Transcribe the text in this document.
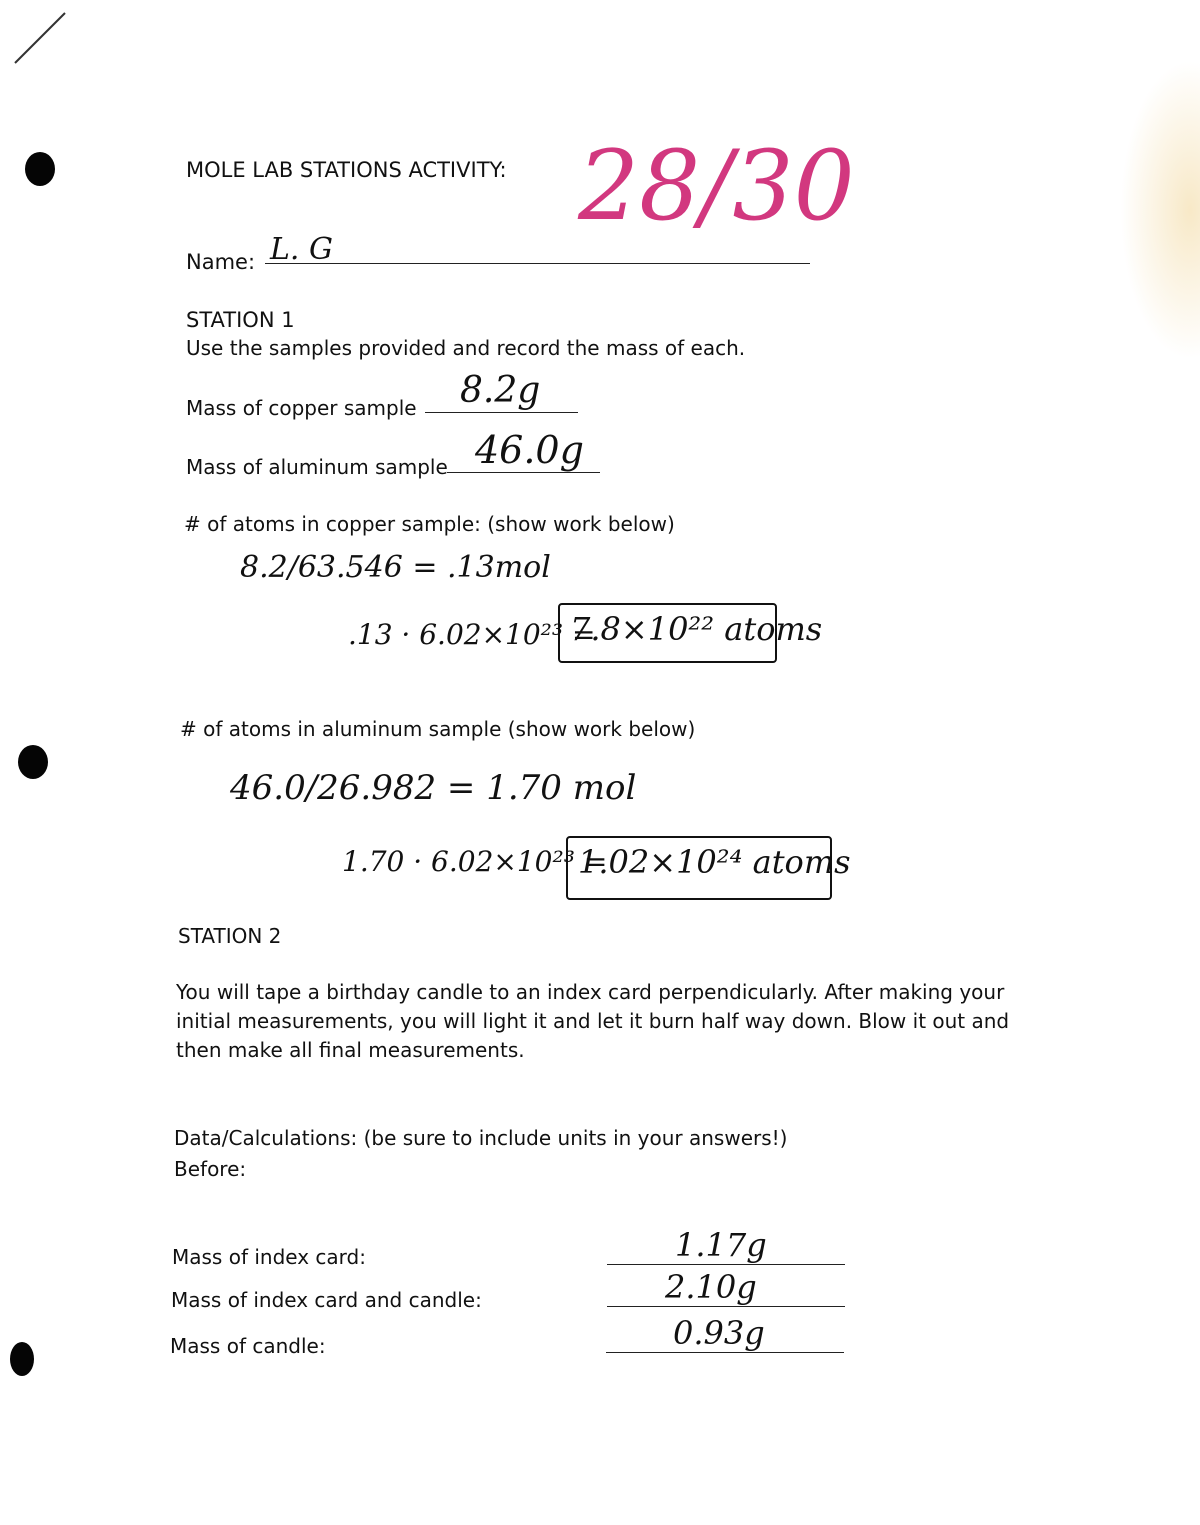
MOLE LAB STATIONS ACTIVITY: 28/30
Name: L. G
STATION 1
Use the samples provided and record the mass of each.
Mass of copper sample 8.2g
Mass of aluminum sample 46.0g
# of atoms in copper sample: (show work below)
8.2/63.546 = .13mol
.13 · 6.02×10²³ =
7.8×10²² atoms
# of atoms in aluminum sample (show work below)
46.0/26.982 = 1.70 mol
1.70 · 6.02×10²³ =
1.02×10²⁴ atoms
STATION 2
You will tape a birthday candle to an index card perpendicularly. After making your initial measurements, you will light it and let it burn half way down. Blow it out and then make all final measurements.
Data/Calculations: (be sure to include units in your answers!)
Before:
Mass of index card:	1.17g
Mass of index card and candle:	2.10g
Mass of candle:	0.93g
